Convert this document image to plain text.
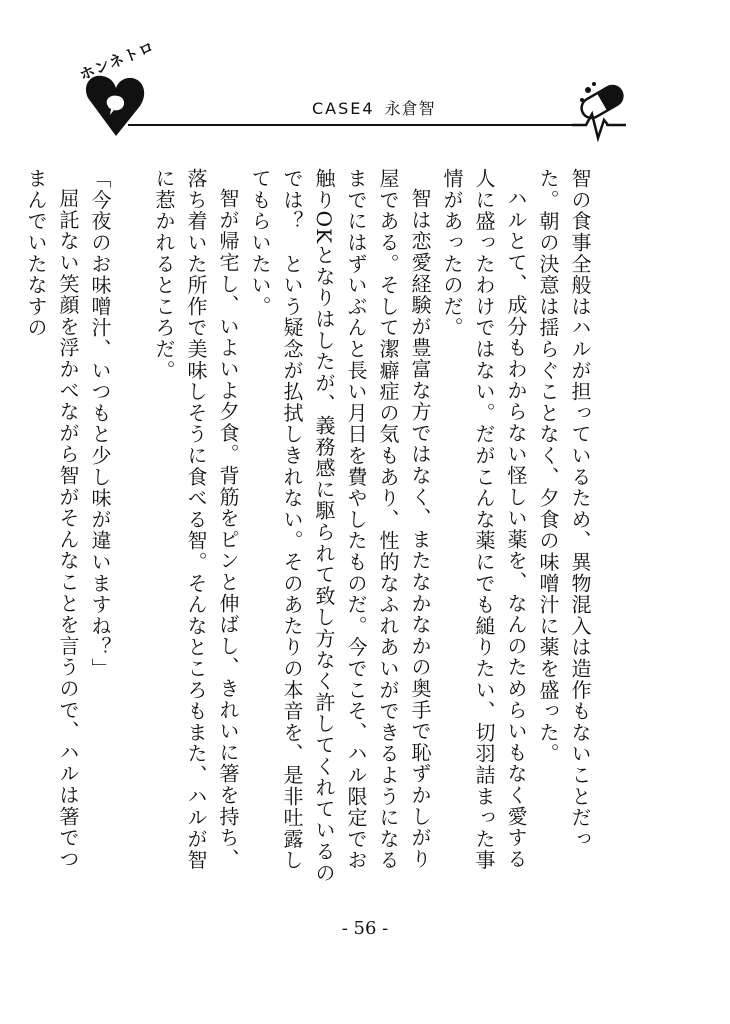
ホンネトロ
CASE4 永倉智

智の食事全般はハルが担っているため、異物混入は造作もないことだった。朝の決意は揺らぐことなく、夕食の味噌汁に薬を盛った。

ハルとて、成分もわからない怪しい薬を、なんのためらいもなく愛する人に盛ったわけではない。だがこんな薬にでも縋りたい、切羽詰まった事情があったのだ。

智は恋愛経験が豊富な方ではなく、またなかなかの奥手で恥ずかしがり屋である。そして潔癖症の気もあり、性的なふれあいができるようになるまでにはずいぶんと長い月日を費やしたものだ。今でこそ、ハル限定でお触りOKとなりはしたが、義務感に駆られて致し方なく許してくれているのでは？　という疑念が払拭しきれない。そのあたりの本音を、是非吐露してもらいたい。

智が帰宅し、いよいよ夕食。背筋をピンと伸ばし、きれいに箸を持ち、落ち着いた所作で美味しそうに食べる智。そんなところもまた、ハルが智に惹かれるところだ。

「今夜のお味噌汁、いつもと少し味が違いますね？」

屈託ない笑顔を浮かべながら智がそんなことを言うので、ハルは箸でつまんでいたなすの

- 56 -
